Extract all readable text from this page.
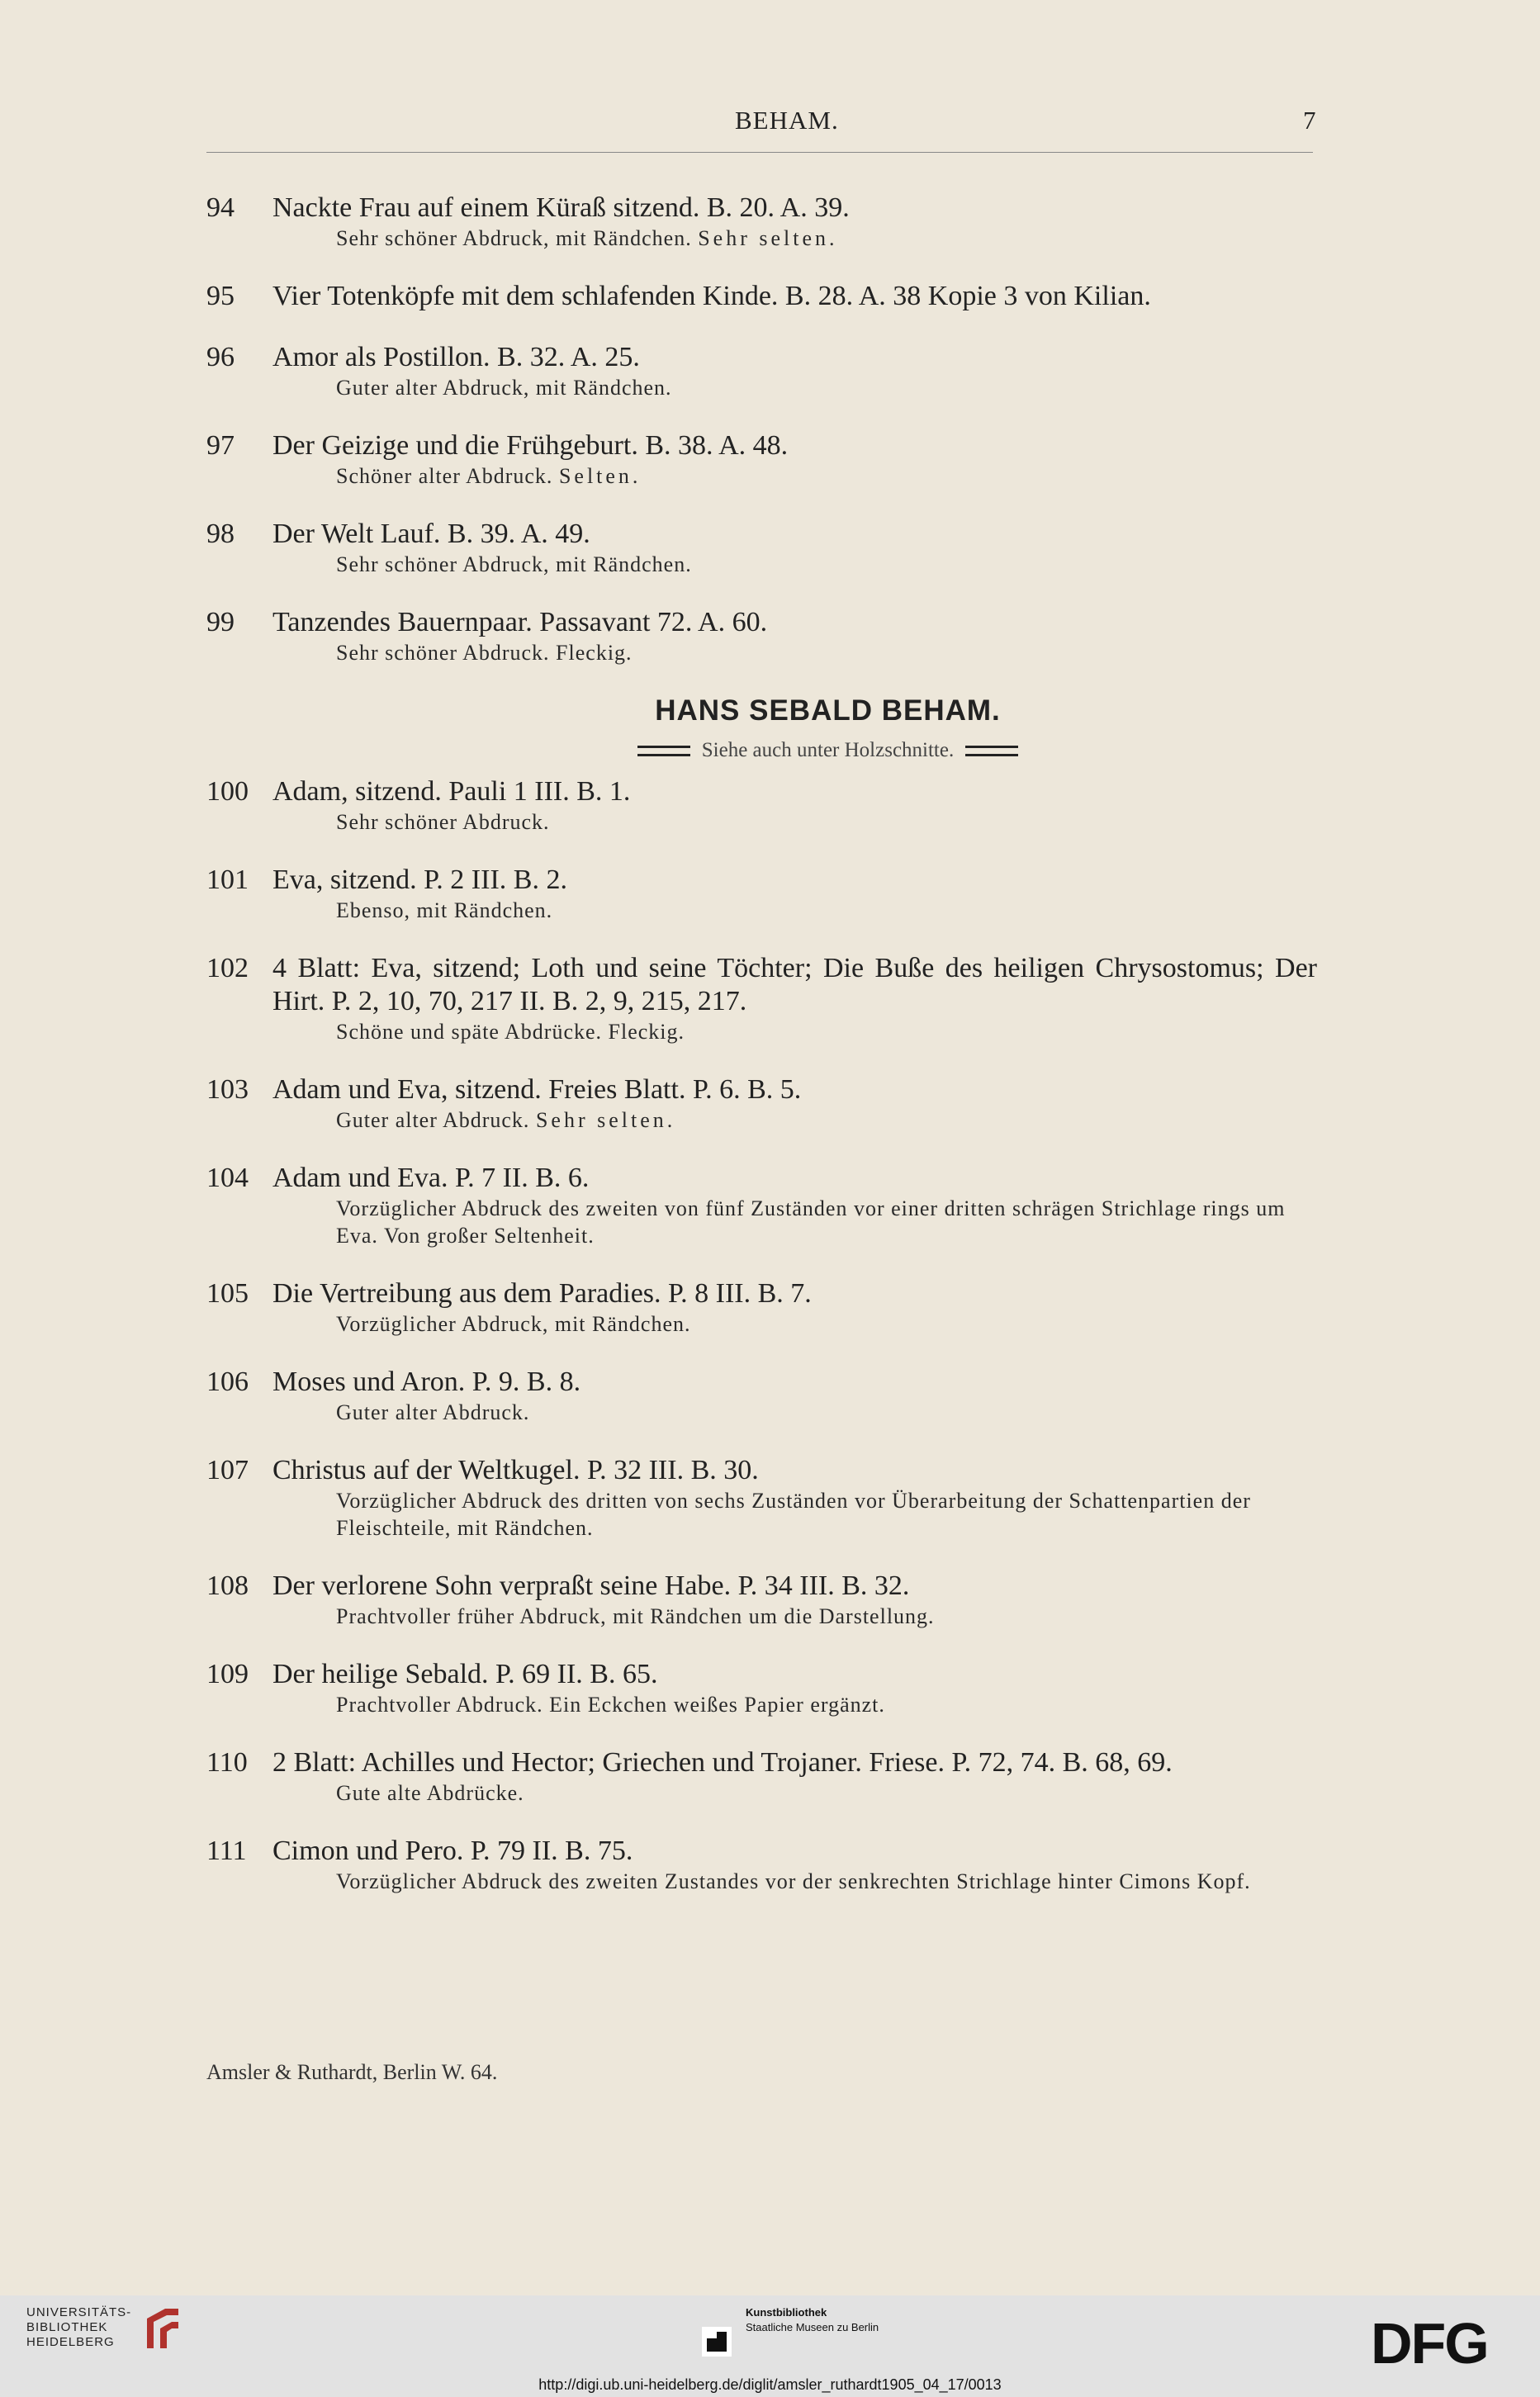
BEHAM.	7
94	Nackte Frau auf einem Küraß sitzend. B. 20. A. 39.
Sehr schöner Abdruck, mit Rändchen. Sehr selten.
95	Vier Totenköpfe mit dem schlafenden Kinde. B. 28. A. 38 Kopie 3 von Kilian.
96	Amor als Postillon. B. 32. A. 25.
Guter alter Abdruck, mit Rändchen.
97	Der Geizige und die Frühgeburt. B. 38. A. 48.
Schöner alter Abdruck. Selten.
98	Der Welt Lauf. B. 39. A. 49.
Sehr schöner Abdruck, mit Rändchen.
99	Tanzendes Bauernpaar. Passavant 72. A. 60.
Sehr schöner Abdruck. Fleckig.
HANS SEBALD BEHAM.
Siehe auch unter Holzschnitte.
100 Adam, sitzend. Pauli 1 III. B. 1.
Sehr schöner Abdruck.
101 Eva, sitzend. P. 2 III. B. 2.
Ebenso, mit Rändchen.
102 4 Blatt: Eva, sitzend; Loth und seine Töchter; Die Buße des heiligen Chrysostomus; Der Hirt. P. 2, 10, 70, 217 II. B. 2, 9, 215, 217.
Schöne und späte Abdrücke. Fleckig.
103 Adam und Eva, sitzend. Freies Blatt. P. 6. B. 5.
Guter alter Abdruck. Sehr selten.
104 Adam und Eva. P. 7 II. B. 6.
Vorzüglicher Abdruck des zweiten von fünf Zuständen vor einer dritten schrägen Strichlage rings um Eva. Von großer Seltenheit.
105 Die Vertreibung aus dem Paradies. P. 8 III. B. 7.
Vorzüglicher Abdruck, mit Rändchen.
106 Moses und Aron. P. 9. B. 8.
Guter alter Abdruck.
107 Christus auf der Weltkugel. P. 32 III. B. 30.
Vorzüglicher Abdruck des dritten von sechs Zuständen vor Überarbeitung der Schattenpartien der Fleischteile, mit Rändchen.
108 Der verlorene Sohn verpraßt seine Habe. P. 34 III. B. 32.
Prachtvoller früher Abdruck, mit Rändchen um die Darstellung.
109 Der heilige Sebald. P. 69 II. B. 65.
Prachtvoller Abdruck. Ein Eckchen weißes Papier ergänzt.
110 2 Blatt: Achilles und Hector; Griechen und Trojaner. Friese. P. 72, 74. B. 68, 69.
Gute alte Abdrücke.
111 Cimon und Pero. P. 79 II. B. 75.
Vorzüglicher Abdruck des zweiten Zustandes vor der senkrechten Strichlage hinter Cimons Kopf.
Amsler & Ruthardt, Berlin W. 64.
UNIVERSITÄTS-
BIBLIOTHEK
HEIDELBERG
Kunstbibliothek
Staatliche Museen zu Berlin	DFG
http://digi.ub.uni-heidelberg.de/diglit/amsler_ruthardt1905_04_17/0013
